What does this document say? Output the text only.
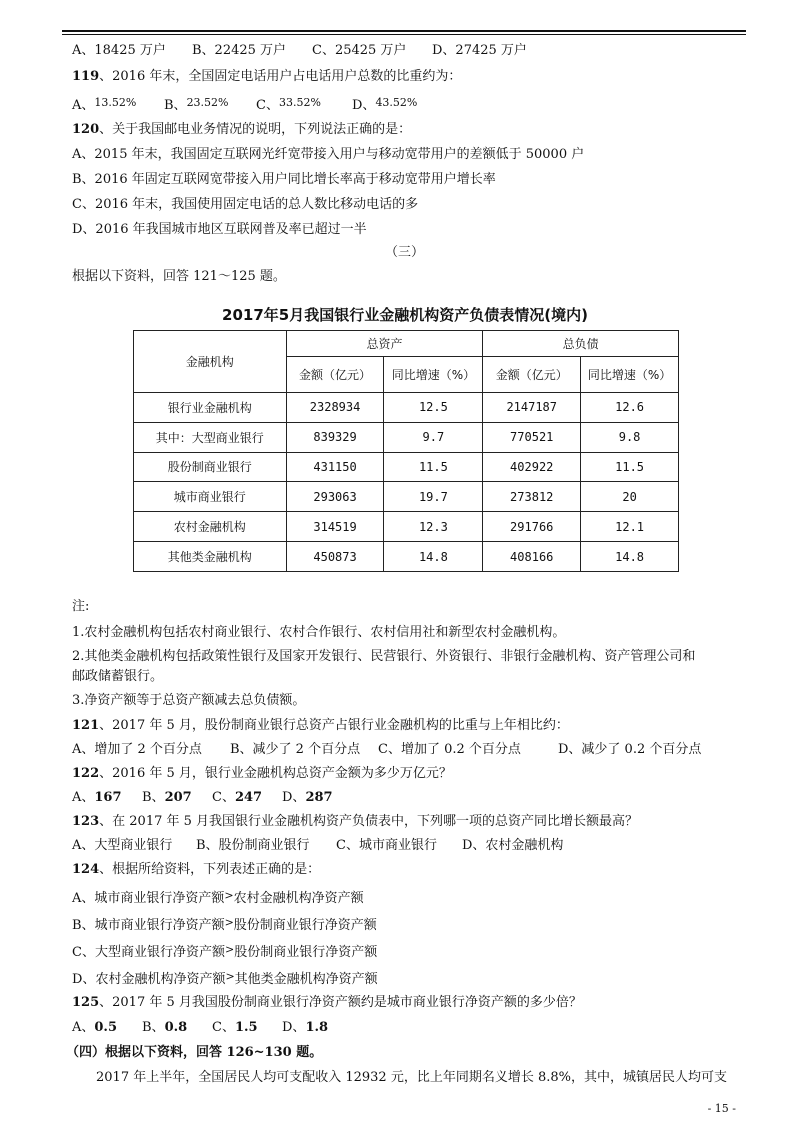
A、18425 万户 B、22425 万户 C、25425 万户 D、27425 万户
119、2016 年末，全国固定电话用户占电话用户总数的比重约为：
A、13.52% B、23.52% C、33.52% D、43.52%
120、关于我国邮电业务情况的说明，下列说法正确的是：
A、2015 年末，我国固定互联网光纤宽带接入用户与移动宽带用户的差额低于 50000 户
B、2016 年固定互联网宽带接入用户同比增长率高于移动宽带用户增长率
C、2016 年末，我国使用固定电话的总人数比移动电话的多
D、2016 年我国城市地区互联网普及率已超过一半
（三）
根据以下资料，回答 121～125 题。
2017年5月我国银行业金融机构资产负债表情况(境内)
金融机构	总资产		总负债	
	金额（亿元）	同比增速（%）	金额（亿元）	同比增速（%）
银行业金融机构	2328934	12.5	2147187	12.6
其中：大型商业银行	839329	9.7	770521	9.8
股份制商业银行	431150	11.5	402922	11.5
城市商业银行	293063	19.7	273812	20
农村金融机构	314519	12.3	291766	12.1
其他类金融机构	450873	14.8	408166	14.8
注:
1.农村金融机构包括农村商业银行、农村合作银行、农村信用社和新型农村金融机构。
2.其他类金融机构包括政策性银行及国家开发银行、民营银行、外资银行、非银行金融机构、资产管理公司和
邮政储蓄银行。
3.净资产额等于总资产额减去总负债额。
121、2017 年 5 月，股份制商业银行总资产占银行业金融机构的比重与上年相比约：
A、增加了 2 个百分点 B、减少了 2 个百分点 C、增加了 0.2 个百分点	D、减少了 0.2 个百分点
122、2016 年 5 月，银行业金融机构总资产金额为多少万亿元？
A、167 B、207 C、247 D、287
123、在 2017 年 5 月我国银行业金融机构资产负债表中，下列哪一项的总资产同比增长额最高？
A、大型商业银行 B、股份制商业银行 C、城市商业银行 D、农村金融机构
124、根据所给资料，下列表述正确的是：
A、城市商业银行净资产额>农村金融机构净资产额
B、城市商业银行净资产额>股份制商业银行净资产额
C、大型商业银行净资产额>股份制商业银行净资产额
D、农村金融机构净资产额>其他类金融机构净资产额
125、2017 年 5 月我国股份制商业银行净资产额约是城市商业银行净资产额的多少倍？
A、0.5 B、0.8 C、1.5 D、1.8
（四）根据以下资料，回答 126~130 题。
2017 年上半年，全国居民人均可支配收入 12932 元，比上年同期名义增长 8.8%，其中，城镇居民人均可支
- 15 -
